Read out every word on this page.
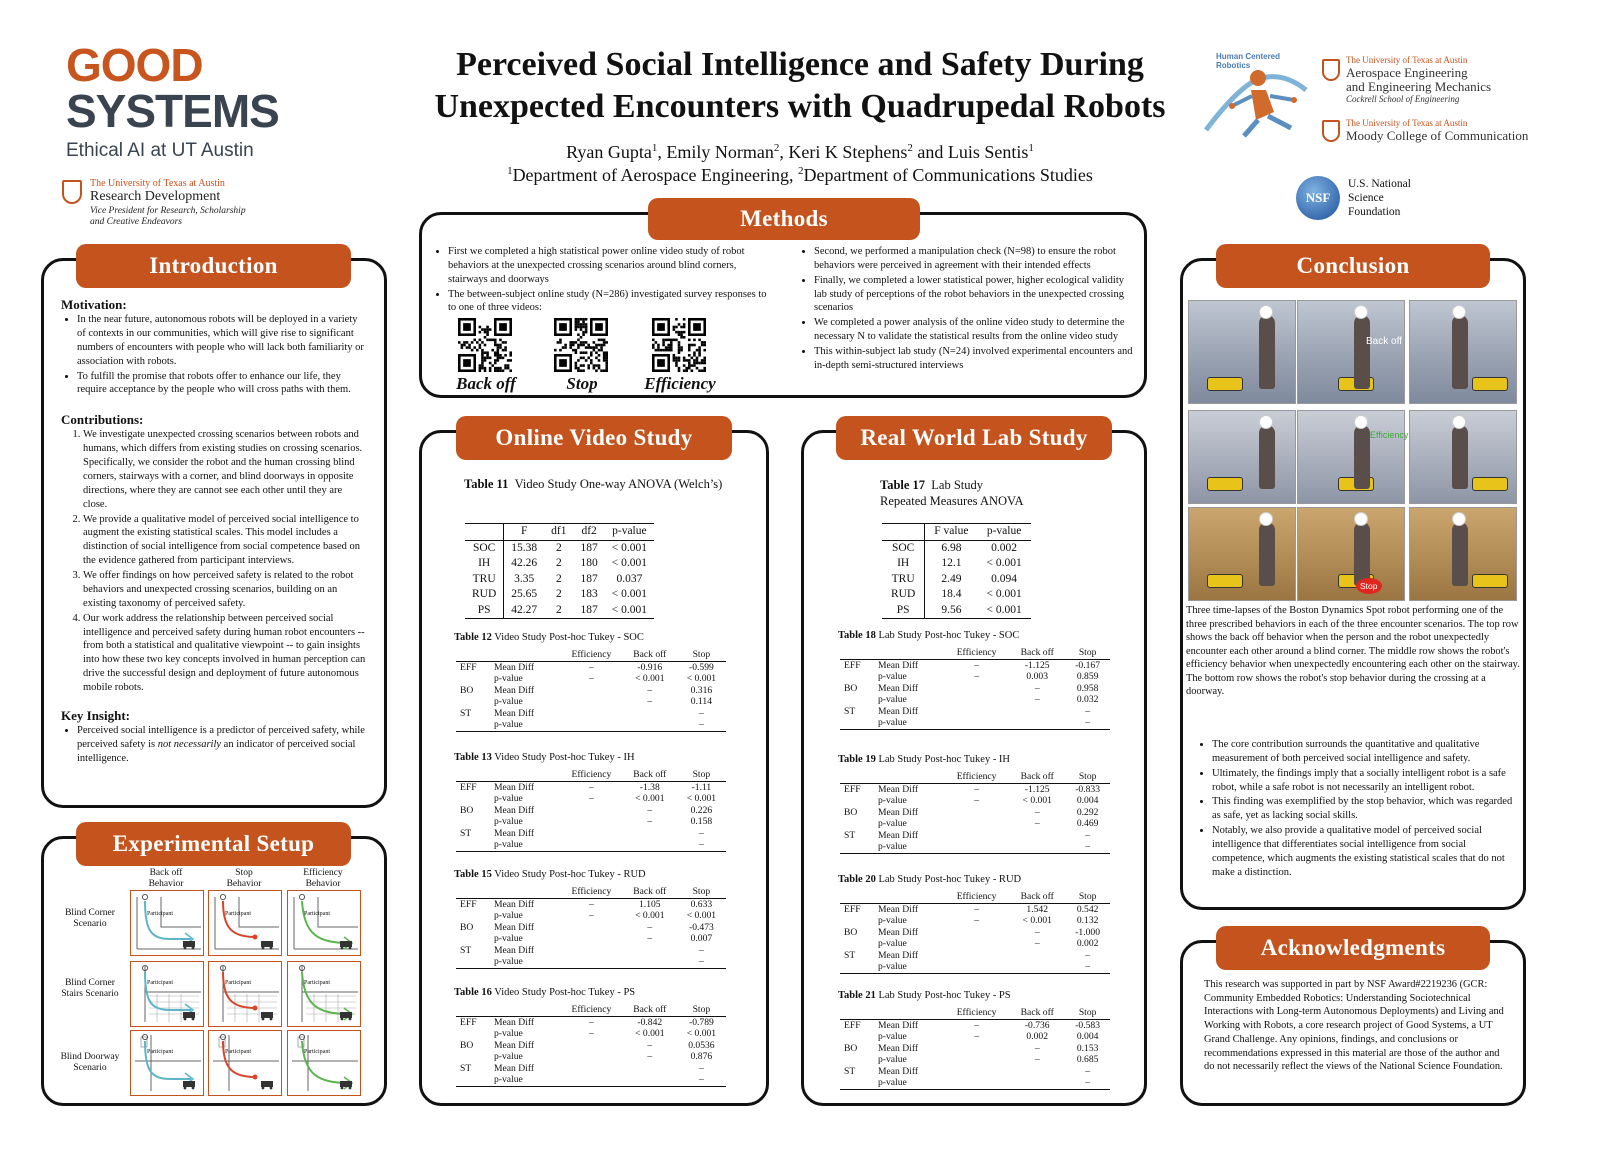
GOOD
SYSTEMS
Ethical AI at UT Austin
The University of Texas at Austin
Research Development
Vice President for Research, Scholarship
and Creative Endeavors
Perceived Social Intelligence and Safety During
Unexpected Encounters with Quadrupedal Robots
Ryan Gupta$^1$, Emily Norman$^2$, Keri K Stephens$^2$ and Luis Sentis$^1$
$^1$Department of Aerospace Engineering, $^2$Department of Communications Studies
Human Centered Robotics
The University of Texas at Austin
Aerospace Engineering
and Engineering Mechanics
Cockrell School of Engineering
The University of Texas at Austin
Moody College of Communication
NSF
U.S. National
Science
Foundation
Introduction
Motivation:
• In the near future, autonomous robots will be deployed in a variety of contexts in our communities, which will give rise to significant numbers of encounters with people who will lack both familiarity or association with robots.
• To fulfill the promise that robots offer to enhance our life, they require acceptance by the people who will cross paths with them.
Contributions:
1. We investigate unexpected crossing scenarios between robots and humans, which differs from existing studies on crossing scenarios. Specifically, we consider the robot and the human crossing blind corners, stairways with a corner, and blind doorways in opposite directions, where they are cannot see each other until they are close.
2. We provide a qualitative model of perceived social intelligence to augment the existing statistical scales. This model includes a distinction of social intelligence from social competence based on the evidence gathered from participant interviews.
3. We offer findings on how perceived safety is related to the robot behaviors and unexpected crossing scenarios, building on an existing taxonomy of perceived safety.
4. Our work address the relationship between perceived social intelligence and perceived safety during human robot encounters -- from both a statistical and qualitative viewpoint -- to gain insights into how these two key concepts involved in human perception can drive the successful design and deployment of future autonomous mobile robots.
Key Insight:
• Perceived social intelligence is a predictor of perceived safety, while perceived safety is not necessarily an indicator of perceived social intelligence.
Experimental Setup
Back off
Behavior
Stop
Behavior
Efficiency
Behavior
Blind Corner
Scenario
Blind Corner
Stairs Scenario
Blind Doorway
Scenario
Participant	Participant	Participant
Participant	Participant	Participant
Participant	Participant	Participant
Methods
• First we completed a high statistical power online video study of robot behaviors at the unexpected crossing scenarios around blind corners, stairways and doorways
• The between-subject online study (N=286) investigated survey responses to to one of three videos:
Back off	Stop	Efficiency
• Second, we performed a manipulation check (N=98) to ensure the robot behaviors were perceived in agreement with their intended effects
• Finally, we completed a lower statistical power, higher ecological validity lab study of perceptions of the robot behaviors in the unexpected crossing scenarios
• We completed a power analysis of the online video study to determine the necessary N to validate the statistical results from the online video study
• This within-subject lab study (N=24) involved experimental encounters and in-depth semi-structured interviews
Online Video Study
Table 11 Video Study One-way ANOVA (Welch’s)
	F	df1	df2	p-value
SOC	15.38	2	187	< 0.001
IH	42.26	2	180	< 0.001
TRU	3.35	2	187	0.037
RUD	25.65	2	183	< 0.001
PS	42.27	2	187	< 0.001
Table 12 Video Study Post-hoc Tukey - SOC
		Efficiency	Back off	Stop
EFF	Mean Diff	–	-0.916	-0.599
	p-value	–	< 0.001	< 0.001
BO	Mean Diff		–	0.316
	p-value		–	0.114
ST	Mean Diff			–
	p-value			–
Table 13 Video Study Post-hoc Tukey - IH
		Efficiency	Back off	Stop
EFF	Mean Diff	–	-1.38	-1.11
	p-value	–	< 0.001	< 0.001
BO	Mean Diff		–	0.226
	p-value		–	0.158
ST	Mean Diff			–
	p-value			–
Table 15 Video Study Post-hoc Tukey - RUD
		Efficiency	Back off	Stop
EFF	Mean Diff	–	1.105	0.633
	p-value	–	< 0.001	< 0.001
BO	Mean Diff		–	-0.473
	p-value		–	0.007
ST	Mean Diff			–
	p-value			–
Table 16 Video Study Post-hoc Tukey - PS
		Efficiency	Back off	Stop
EFF	Mean Diff	–	-0.842	-0.789
	p-value	–	< 0.001	< 0.001
BO	Mean Diff		–	0.0536
	p-value		–	0.876
ST	Mean Diff			–
	p-value			–
Real World Lab Study
Table 17 Lab Study
Repeated Measures ANOVA
	F value	p-value
SOC	6.98	0.002
IH	12.1	< 0.001
TRU	2.49	0.094
RUD	18.4	< 0.001
PS	9.56	< 0.001
Table 18 Lab Study Post-hoc Tukey - SOC
		Efficiency	Back off	Stop
EFF	Mean Diff	–	-1.125	-0.167
	p-value	–	0.003	0.859
BO	Mean Diff		–	0.958
	p-value		–	0.032
ST	Mean Diff			–
	p-value			–
Table 19 Lab Study Post-hoc Tukey - IH
		Efficiency	Back off	Stop
EFF	Mean Diff	–	-1.125	-0.833
	p-value	–	< 0.001	0.004
BO	Mean Diff		–	0.292
	p-value		–	0.469
ST	Mean Diff			–
	p-value			–
Table 20 Lab Study Post-hoc Tukey - RUD
		Efficiency	Back off	Stop
EFF	Mean Diff	–	1.542	0.542
	p-value	–	< 0.001	0.132
BO	Mean Diff		–	-1.000
	p-value		–	0.002
ST	Mean Diff			–
	p-value			–
Table 21 Lab Study Post-hoc Tukey - PS
		Efficiency	Back off	Stop
EFF	Mean Diff	–	-0.736	-0.583
	p-value	–	0.002	0.004
BO	Mean Diff		–	0.153
	p-value		–	0.685
ST	Mean Diff			–
	p-value			–
Conclusion
Back off
Efficiency
Stop
Three time-lapses of the Boston Dynamics Spot robot performing one of the three prescribed behaviors in each of the three encounter scenarios. The top row shows the back off behavior when the person and the robot unexpectedly encounter each other around a blind corner. The middle row shows the robot's efficiency behavior when unexpectedly encountering each other on the stairway. The bottom row shows the robot's stop behavior during the crossing at a doorway.
• The core contribution surrounds the quantitative and qualitative measurement of both perceived social intelligence and safety.
• Ultimately, the findings imply that a socially intelligent robot is a safe robot, while a safe robot is not necessarily an intelligent robot.
• This finding was exemplified by the stop behavior, which was regarded as safe, yet as lacking social skills.
• Notably, we also provide a qualitative model of perceived social intelligence that differentiates social intelligence from social competence, which augments the existing statistical scales that do not make a distinction.
Acknowledgments
This research was supported in part by NSF Award#2219236 (GCR: Community Embedded Robotics: Understanding Sociotechnical Interactions with Long-term Autonomous Deployments) and Living and Working with Robots, a core research project of Good Systems, a UT Grand Challenge. Any opinions, findings, and conclusions or recommendations expressed in this material are those of the author and do not necessarily reflect the views of the National Science Foundation.
